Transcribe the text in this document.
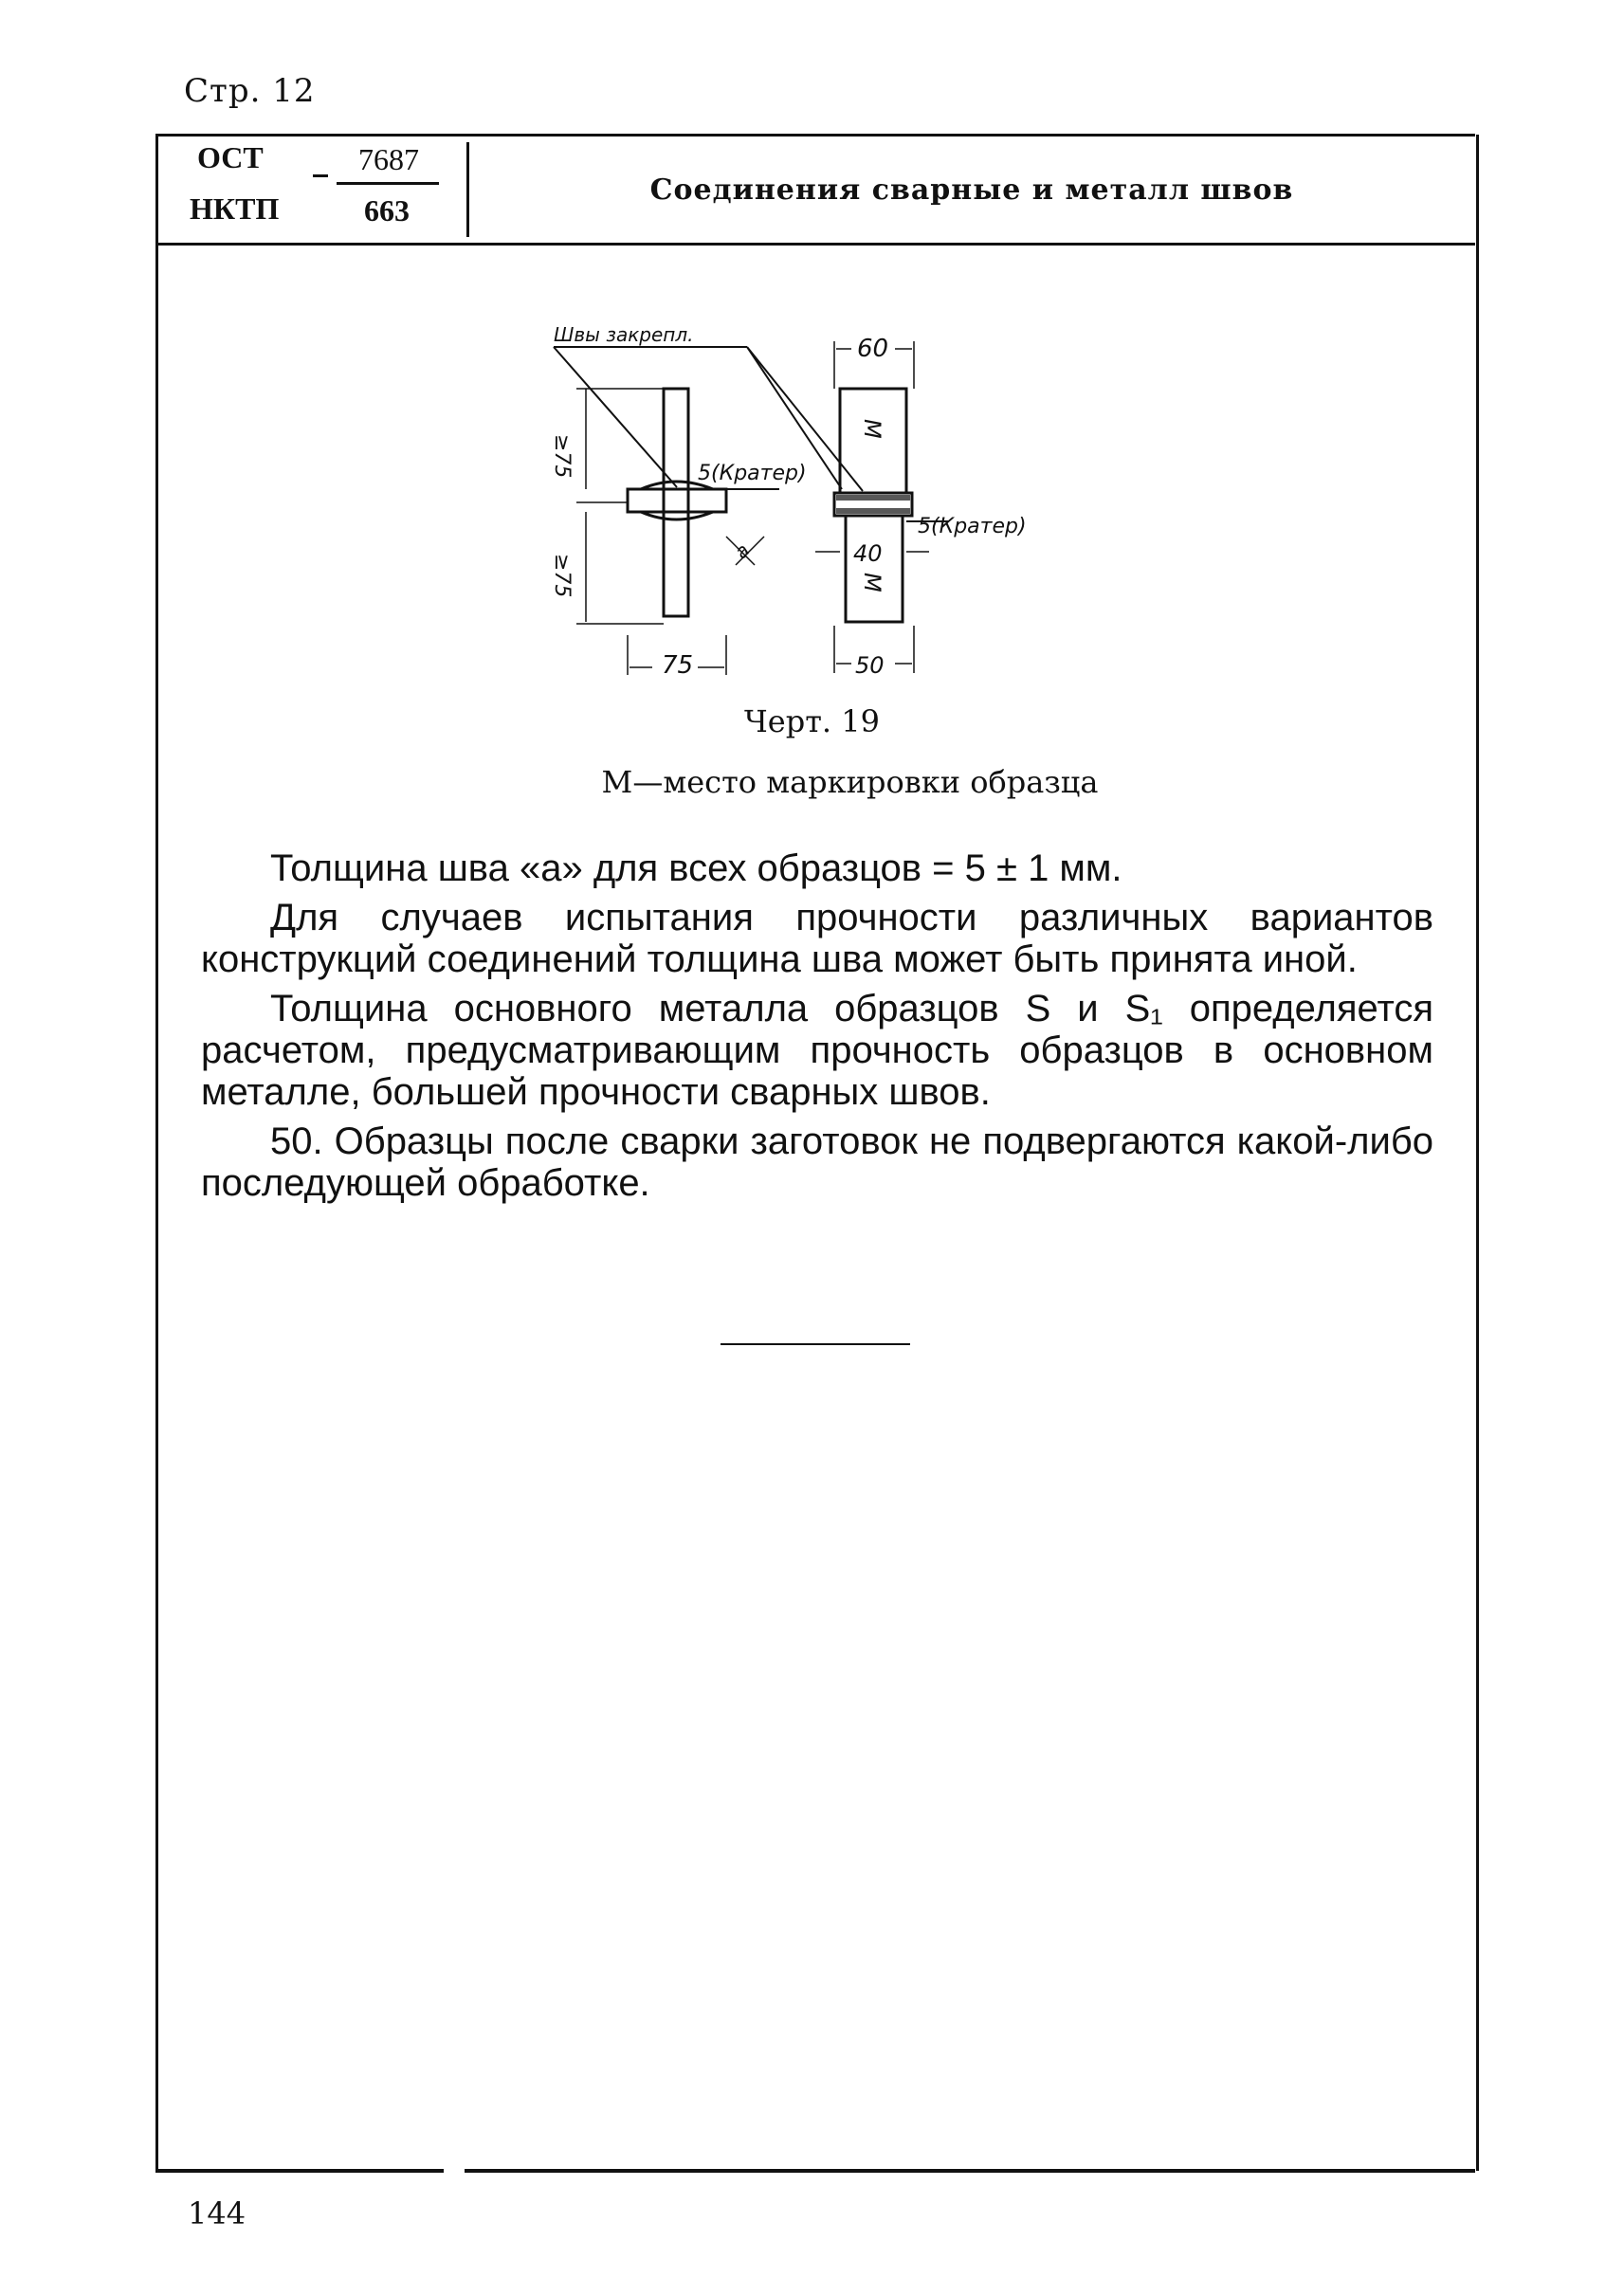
Стр. 12
ОСТ
НКТП
7687
663
Соединения сварные и металл швов
Швы закрепл.
5(Кратер)
5(Кратер)
≥75
≥75
75
a
60
40
50
М
М
Черт. 19
М—место маркировки образца

Толщина шва «а» для всех образцов = 5 ± 1 мм.

Для случаев испытания прочности различных вариантов конструкций соединений толщина шва может быть принята иной.

Толщина основного металла образцов S и S₁ определяется расчетом, предусматривающим прочность образцов в основном металле, большей прочности сварных швов.

50. Образцы после сварки заготовок не подвергаются какой-либо последующей обработке.

144
